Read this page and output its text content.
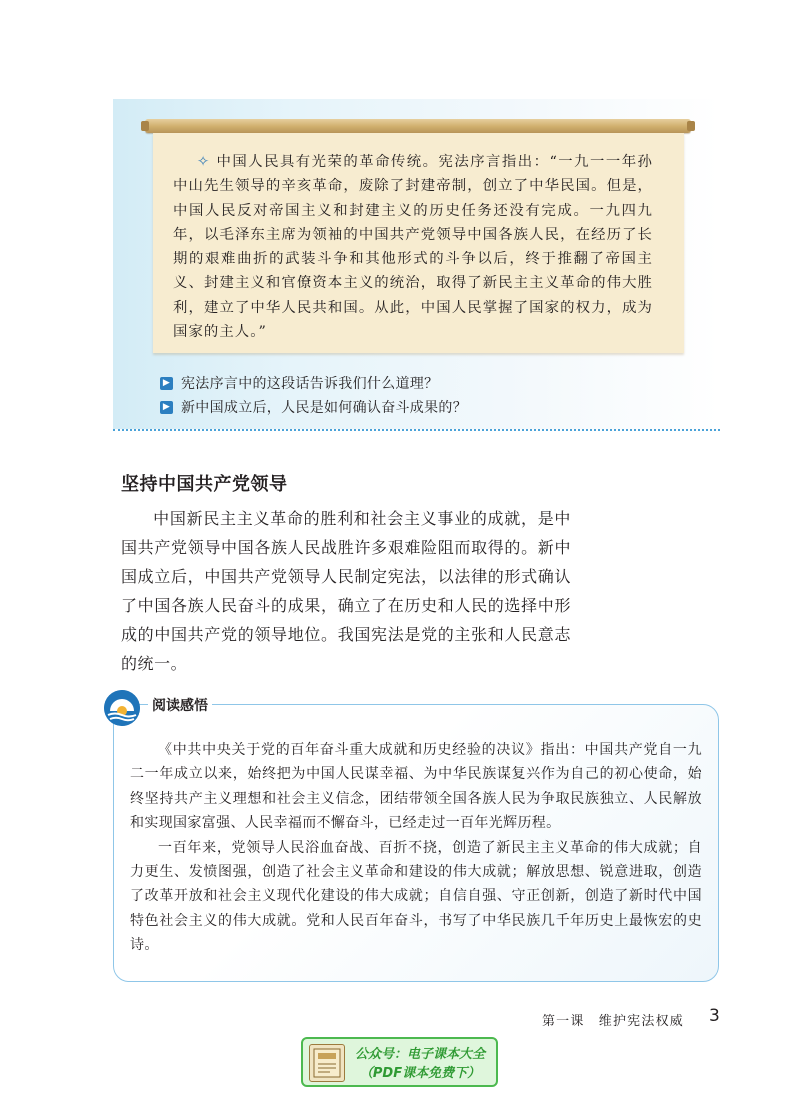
✧ 中国人民具有光荣的革命传统。宪法序言指出：“一九一一年孙中山先生领导的辛亥革命，废除了封建帝制，创立了中华民国。但是，中国人民反对帝国主义和封建主义的历史任务还没有完成。一九四九年，以毛泽东主席为领袖的中国共产党领导中国各族人民，在经历了长期的艰难曲折的武装斗争和其他形式的斗争以后，终于推翻了帝国主义、封建主义和官僚资本主义的统治，取得了新民主主义革命的伟大胜利，建立了中华人民共和国。从此，中国人民掌握了国家的权力，成为国家的主人。”

▶ 宪法序言中的这段话告诉我们什么道理？
▶ 新中国成立后，人民是如何确认奋斗成果的？
坚持中国共产党领导

中国新民主主义革命的胜利和社会主义事业的成就，是中国共产党领导中国各族人民战胜许多艰难险阻而取得的。新中国成立后，中国共产党领导人民制定宪法，以法律的形式确认了中国各族人民奋斗的成果，确立了在历史和人民的选择中形成的中国共产党的领导地位。我国宪法是党的主张和人民意志的统一。

阅读感悟

《中共中央关于党的百年奋斗重大成就和历史经验的决议》指出：中国共产党自一九二一年成立以来，始终把为中国人民谋幸福、为中华民族谋复兴作为自己的初心使命，始终坚持共产主义理想和社会主义信念，团结带领全国各族人民为争取民族独立、人民解放和实现国家富强、人民幸福而不懈奋斗，已经走过一百年光辉历程。

一百年来，党领导人民浴血奋战、百折不挠，创造了新民主主义革命的伟大成就；自力更生、发愤图强，创造了社会主义革命和建设的伟大成就；解放思想、锐意进取，创造了改革开放和社会主义现代化建设的伟大成就；自信自强、守正创新，创造了新时代中国特色社会主义的伟大成就。党和人民百年奋斗，书写了中华民族几千年历史上最恢宏的史诗。

第一课　维护宪法权威 3
公众号：电子课本大全
（PDF课本免费下）
